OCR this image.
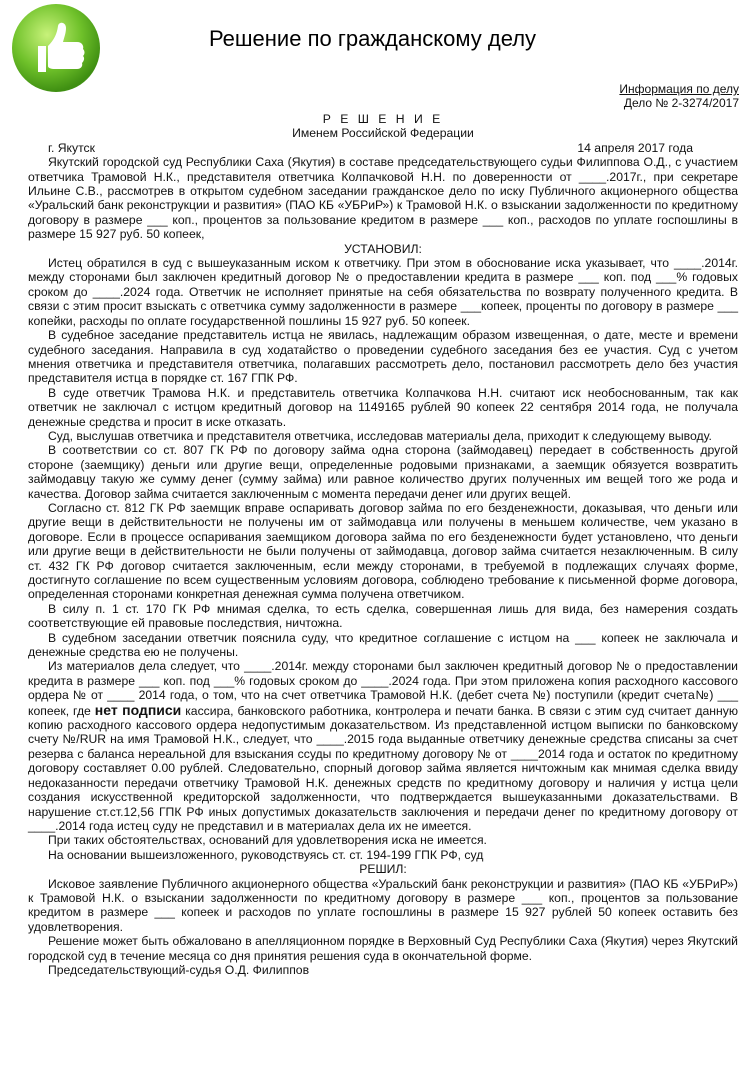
Решение по гражданскому делу
Информация по делу
Дело № 2-3274/2017

Р Е Ш Е Н И Е

Именем Российской Федерации

г. Якутск	14 апреля 2017 года

Якутский городской суд Республики Саха (Якутия) в составе председательствующего судьи Филиппова О.Д., с участием ответчика Трамовой Н.К., представителя ответчика Колпачковой Н.Н. по доверенности от ____.2017г., при секретаре Ильине С.В., рассмотрев в открытом судебном заседании гражданское дело по иску Публичного акционерного общества «Уральский банк реконструкции и развития» (ПАО КБ «УБРиР») к Трамовой Н.К. о взыскании задолженности по кредитному договору в размере ___ коп., процентов за пользование кредитом в размере ___ коп., расходов по уплате госпошлины в размере 15 927 руб. 50 копеек,

УСТАНОВИЛ:

Истец обратился в суд с вышеуказанным иском к ответчику. При этом в обоснование иска указывает, что ____.2014г. между сторонами был заключен кредитный договор № о предоставлении кредита в размере ___ коп. под ___% годовых сроком до ____.2024 года. Ответчик не исполняет принятые на себя обязательства по возврату полученного кредита. В связи с этим просит взыскать с ответчика сумму задолженности в размере ___копеек, проценты по договору в размере ___ копейки, расходы по оплате государственной пошлины 15 927 руб. 50 копеек.

В судебное заседание представитель истца не явилась, надлежащим образом извещенная, о дате, месте и времени судебного заседания. Направила в суд ходатайство о проведении судебного заседания без ее участия. Суд с учетом мнения ответчика и представителя ответчика, полагавших рассмотреть дело, постановил рассмотреть дело без участия представителя истца в порядке ст. 167 ГПК РФ.

В суде ответчик Трамова Н.К. и представитель ответчика Колпачкова Н.Н. считают иск необоснованным, так как ответчик не заключал с истцом кредитный договор на 1149165 рублей 90 копеек 22 сентября 2014 года, не получала денежные средства и просит в иске отказать.

Суд, выслушав ответчика и представителя ответчика, исследовав материалы дела, приходит к следующему выводу.

В соответствии со ст. 807 ГК РФ по договору займа одна сторона (займодавец) передает в собственность другой стороне (заемщику) деньги или другие вещи, определенные родовыми признаками, а заемщик обязуется возвратить займодавцу такую же сумму денег (сумму займа) или равное количество других полученных им вещей того же рода и качества. Договор займа считается заключенным с момента передачи денег или других вещей.

Согласно ст. 812 ГК РФ заемщик вправе оспаривать договор займа по его безденежности, доказывая, что деньги или другие вещи в действительности не получены им от займодавца или получены в меньшем количестве, чем указано в договоре. Если в процессе оспаривания заемщиком договора займа по его безденежности будет установлено, что деньги или другие вещи в действительности не были получены от займодавца, договор займа считается незаключенным. В силу ст. 432 ГК РФ договор считается заключенным, если между сторонами, в требуемой в подлежащих случаях форме, достигнуто соглашение по всем существенным условиям договора, соблюдено требование к письменной форме договора, определенная сторонами конкретная денежная сумма получена ответчиком.

В силу п. 1 ст. 170 ГК РФ мнимая сделка, то есть сделка, совершенная лишь для вида, без намерения создать соответствующие ей правовые последствия, ничтожна.

В судебном заседании ответчик пояснила суду, что кредитное соглашение с истцом на ___ копеек не заключала и денежные средства ею не получены.

Из материалов дела следует, что ____.2014г. между сторонами был заключен кредитный договор № о предоставлении кредита в размере ___ коп. под ___% годовых сроком до ____.2024 года. При этом приложена копия расходного кассового ордера № от ____ 2014 года, о том, что на счет ответчика Трамовой Н.К. (дебет счета №) поступили (кредит счета№) ___ копеек, где нет подписи кассира, банковского работника, контролера и печати банка. В связи с этим суд считает данную копию расходного кассового ордера недопустимым доказательством. Из представленной истцом выписки по банковскому счету №/RUR на имя Трамовой Н.К., следует, что ____.2015 года выданные ответчику денежные средства списаны за счет резерва с баланса нереальной для взыскания ссуды по кредитному договору № от ____2014 года и остаток по кредитному договору составляет 0.00 рублей. Следовательно, спорный договор займа является ничтожным как мнимая сделка ввиду недоказанности передачи ответчику Трамовой Н.К. денежных средств по кредитному договору и наличия у истца цели создания искусственной кредиторской задолженности, что подтверждается вышеуказанными доказательствами. В нарушение ст.ст.12,56 ГПК РФ иных допустимых доказательств заключения и передачи денег по кредитному договору от ____.2014 года истец суду не представил и в материалах дела их не имеется.

При таких обстоятельствах, оснований для удовлетворения иска не имеется.

На основании вышеизложенного, руководствуясь ст. ст. 194-199 ГПК РФ, суд

РЕШИЛ:

Исковое заявление Публичного акционерного общества «Уральский банк реконструкции и развития» (ПАО КБ «УБРиР») к Трамовой Н.К. о взыскании задолженности по кредитному договору в размере ___ коп., процентов за пользование кредитом в размере ___ копеек и расходов по уплате госпошлины в размере 15 927 рублей 50 копеек оставить без удовлетворения.

Решение может быть обжаловано в апелляционном порядке в Верховный Суд Республики Саха (Якутия) через Якутский городской суд в течение месяца со дня принятия решения суда в окончательной форме.

Председательствующий-судья О.Д. Филиппов
